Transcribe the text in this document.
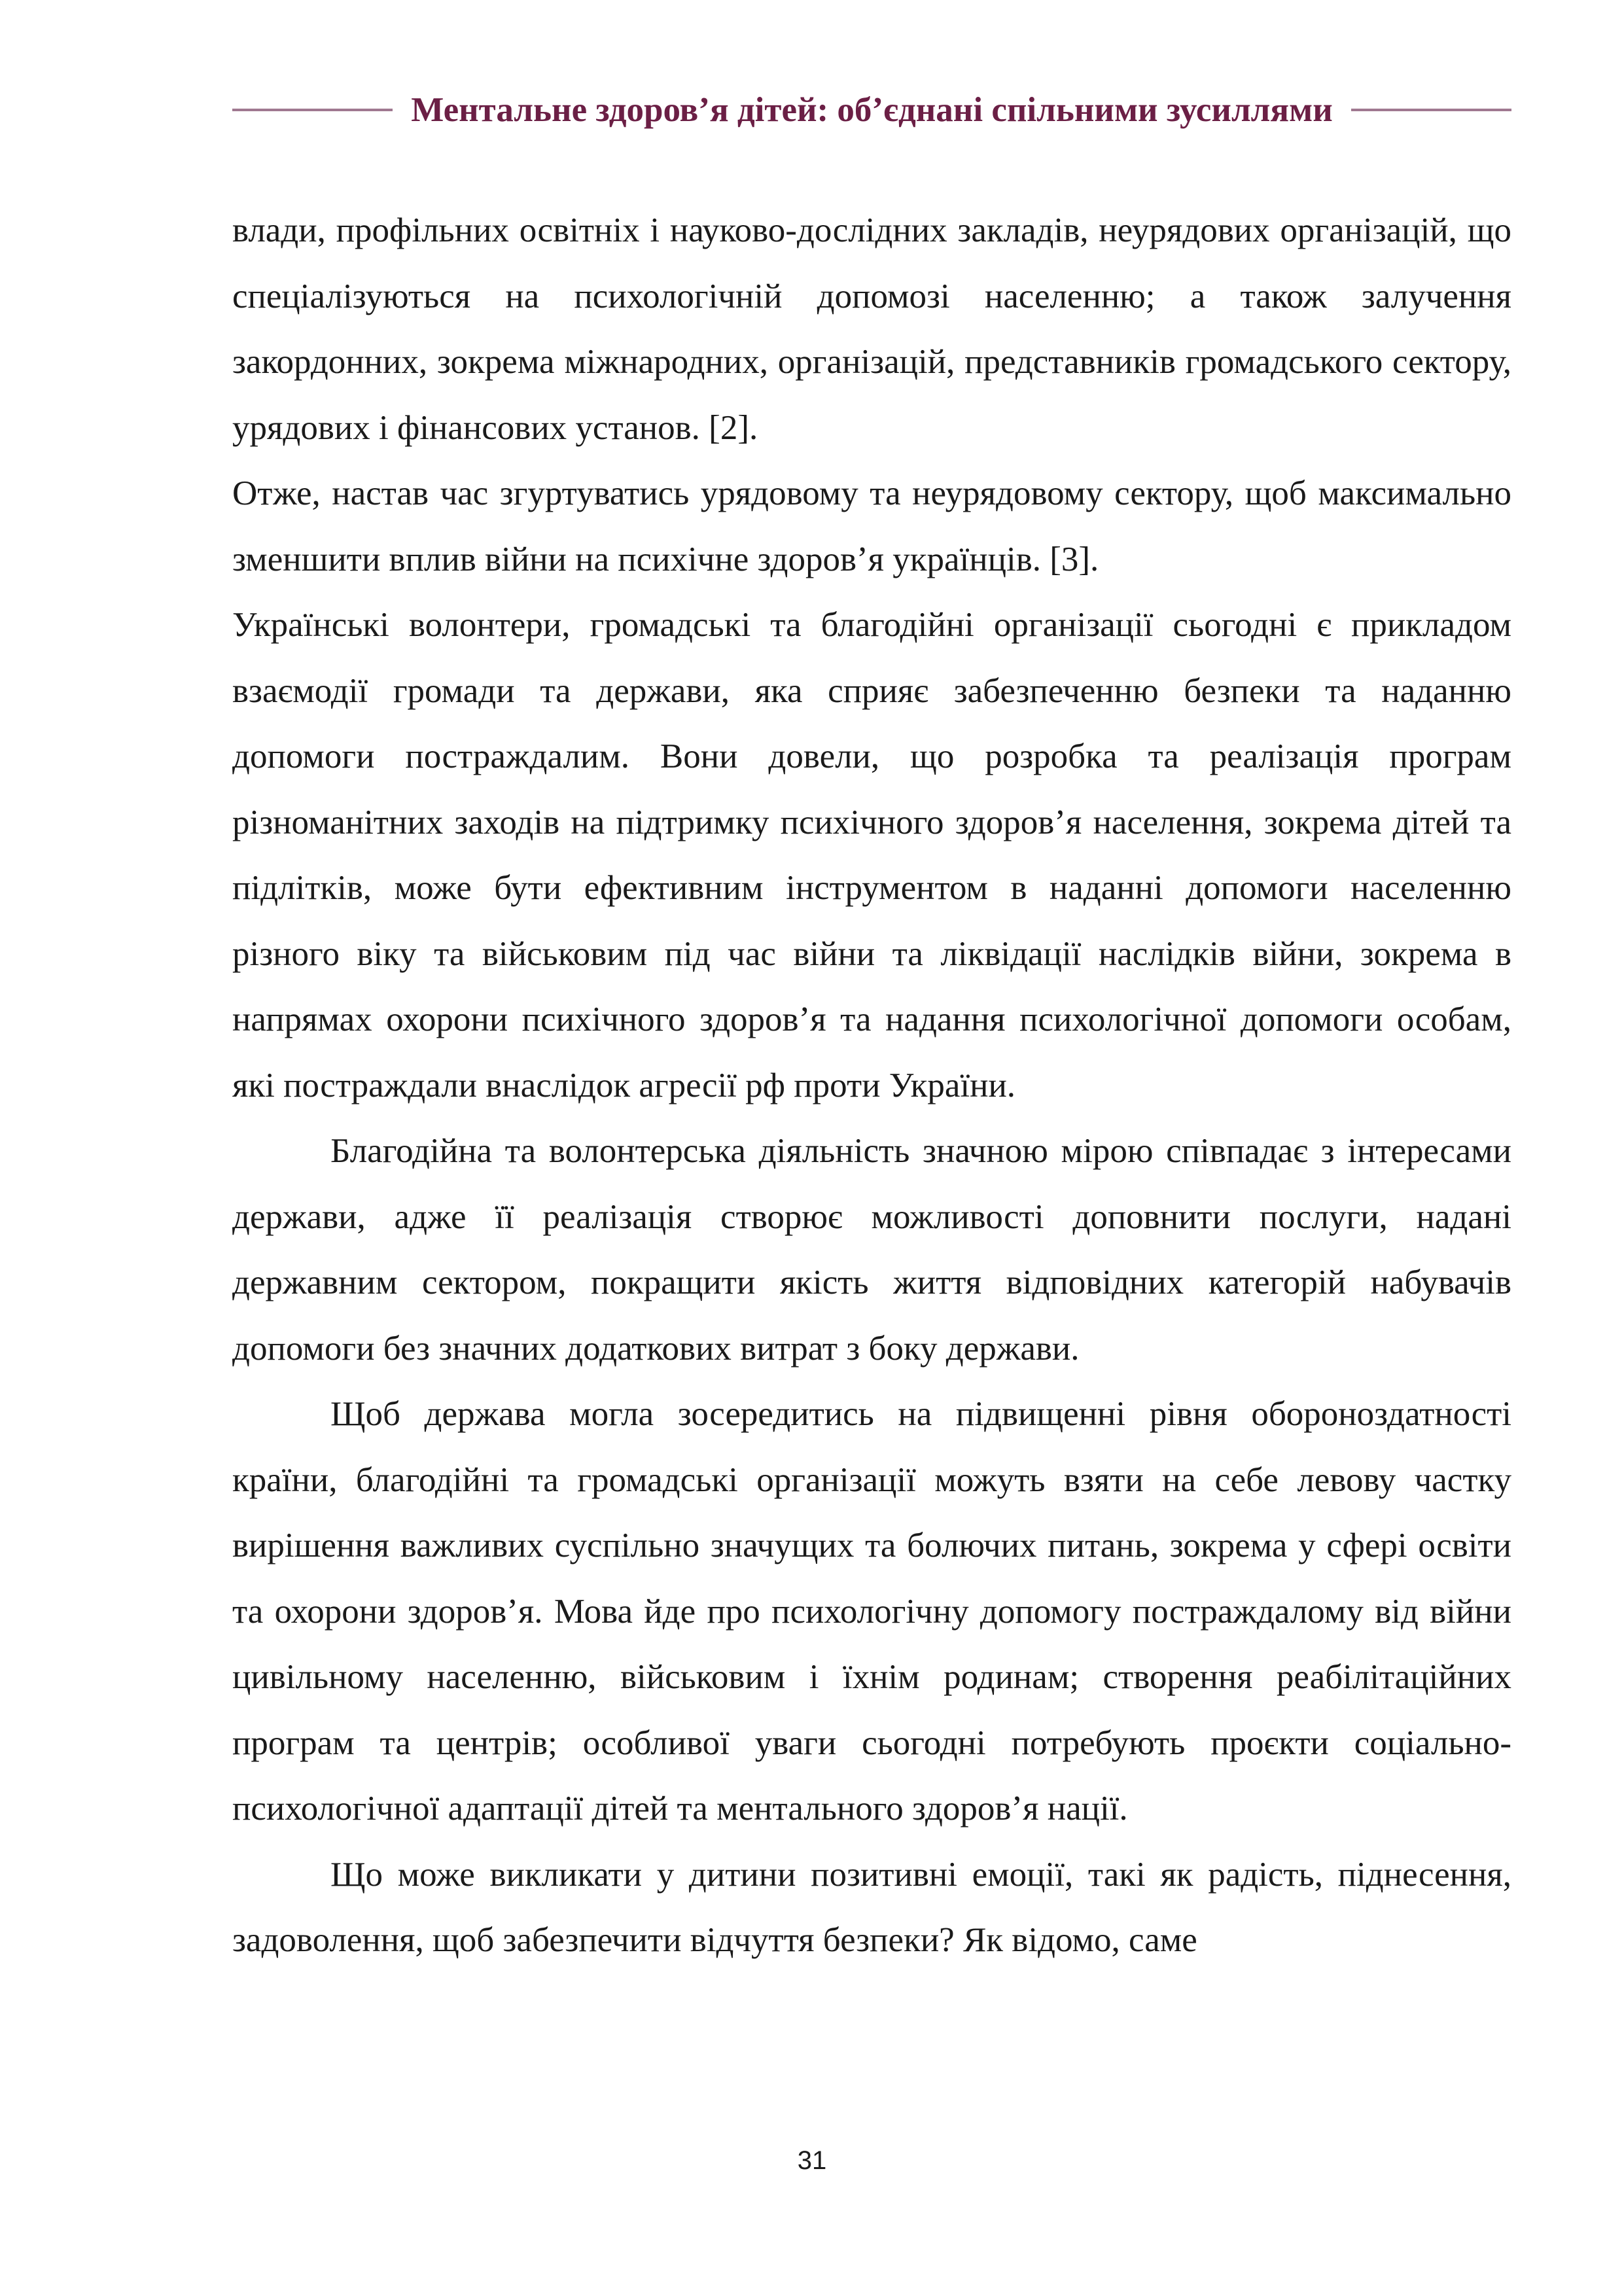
Ментальне здоров’я дітей: об’єднані спільними зусиллями

влади, профільних освітніх і науково-дослідних закладів, неурядових організацій, що спеціалізуються на психологічній допомозі населенню; а також залучення закордонних, зокрема міжнародних, організацій, представників громадського сектору, урядових і фінансових установ. [2].

Отже, настав час згуртуватись урядовому та неурядовому сектору, щоб максимально зменшити вплив війни на психічне здоров’я українців. [3].

Українські волонтери, громадські та благодійні організації сьогодні є прикладом взаємодії громади та держави, яка сприяє забезпеченню безпеки та наданню допомоги постраждалим. Вони довели, що розробка та реалізація програм різноманітних заходів на підтримку психічного здоров’я населення, зокрема дітей та підлітків, може бути ефективним інструментом в наданні допомоги населенню різного віку та військовим під час війни та ліквідації наслідків війни, зокрема в напрямах охорони психічного здоров’я та надання психологічної допомоги особам, які постраждали внаслідок агресії рф проти України.

Благодійна та волонтерська діяльність значною мірою співпадає з інтересами держави, адже її реалізація створює можливості доповнити послуги, надані державним сектором, покращити якість життя відповідних категорій набувачів допомоги без значних додаткових витрат з боку держави.

Щоб держава могла зосередитись на підвищенні рівня обороноздатності країни, благодійні та громадські організації можуть взяти на себе левову частку вирішення важливих суспільно значущих та болючих питань, зокрема у сфері освіти та охорони здоров’я. Мова йде про психологічну допомогу постраждалому від війни цивільному населенню, військовим і їхнім родинам; створення реабілітаційних програм та центрів; особливої уваги сьогодні потребують проєкти соціально-психологічної адаптації дітей та ментального здоров’я нації.

Що може викликати у дитини позитивні емоції, такі як радість, піднесення, задоволення, щоб забезпечити відчуття безпеки? Як відомо, саме

31
